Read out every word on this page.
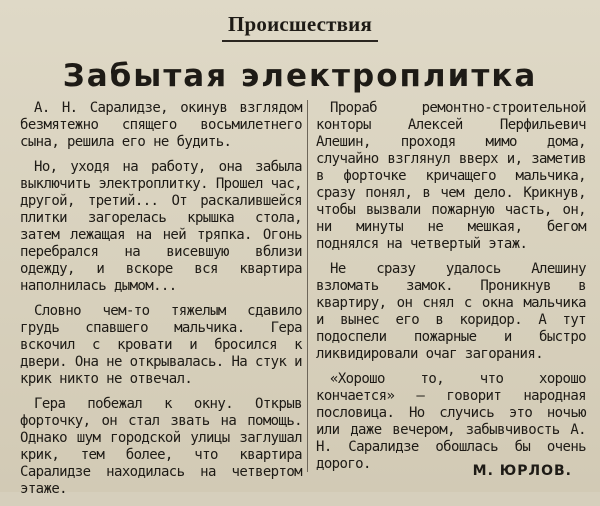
Происшествия
Забытая электроплитка

А. Н. Саралидзе, окинув взглядом безмятежно спящего восьмилетнего сына, решила его не будить.

Но, уходя на работу, она забыла выключить электроплитку. Прошел час, другой, третий... От раскалившейся плитки загорелась крышка стола, затем лежащая на ней тряпка. Огонь перебрался на висевшую вблизи одежду, и вскоре вся квартира наполнилась дымом...

Словно чем-то тяжелым сдавило грудь спавшего мальчика. Гера вскочил с кровати и бросился к двери. Она не открывалась. На стук и крик никто не отвечал.

Гера побежал к окну. Открыв форточку, он стал звать на помощь. Однако шум городской улицы заглушал крик, тем более, что квартира Саралидзе находилась на четвертом этаже.

Прораб ремонтно-строительной конторы Алексей Перфильевич Алешин, проходя мимо дома, случайно взглянул вверх и, заметив в форточке кричащего мальчика, сразу понял, в чем дело. Крикнув, чтобы вызвали пожарную часть, он, ни минуты не мешкая, бегом поднялся на четвертый этаж.

Не сразу удалось Алешину взломать замок. Проникнув в квартиру, он снял с окна мальчика и вынес его в коридор. А тут подоспели пожарные и быстро ликвидировали очаг загорания.

«Хорошо то, что хорошо кончается» — говорит народная пословица. Но случись это ночью или даже вечером, забывчивость А. Н. Саралидзе обошлась бы очень дорого.	М. ЮРЛОВ.
